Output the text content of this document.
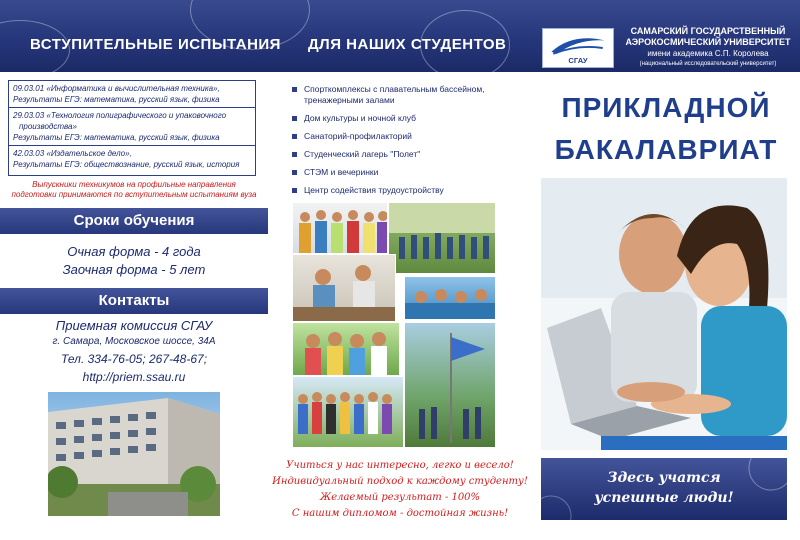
ВСТУПИТЕЛЬНЫЕ ИСПЫТАНИЯ ДЛЯ НАШИХ СТУДЕНТОВ
СГАУ
САМАРСКИЙ ГОСУДАРСТВЕННЫЙ
АЭРОКОСМИЧЕСКИЙ УНИВЕРСИТЕТ
имени академика С.П. Королева
(национальный исследовательский университет)
09.03.01 «Информатика и вычислительная техника»,
Результаты ЕГЭ: математика, русский язык, физика
29.03.03 «Технология полиграфического и упаковочного
производства»
Результаты ЕГЭ: математика, русский язык, физика
42.03.03 «Издательское дело»,
Результаты ЕГЭ: обществознание, русский язык, история
Выпускники техникумов на профильные направления
подготовки принимаются по вступительным испытаниям вуза
Сроки обучения
Очная форма - 4 года
Заочная форма - 5 лет
Контакты
Приемная комиссия СГАУ
г. Самара, Московское шоссе, 34А
Тел. 334-76-05; 267-48-67;
http://priem.ssau.ru
Спорткомплексы с плавательным бассейном, тренажерными залами
Дом культуры и ночной клуб
Санаторий-профилакторий
Студенческий лагерь "Полет"
СТЭМ и вечеринки
Центр содействия трудоустройству
Учиться у нас интересно, легко и весело!
Индивидуальный подход к каждому студенту!
Желаемый результат - 100%
С нашим дипломом - достойная жизнь!
ПРИКЛАДНОЙ
БАКАЛАВРИАТ
Здесь учатся
успешные люди!
